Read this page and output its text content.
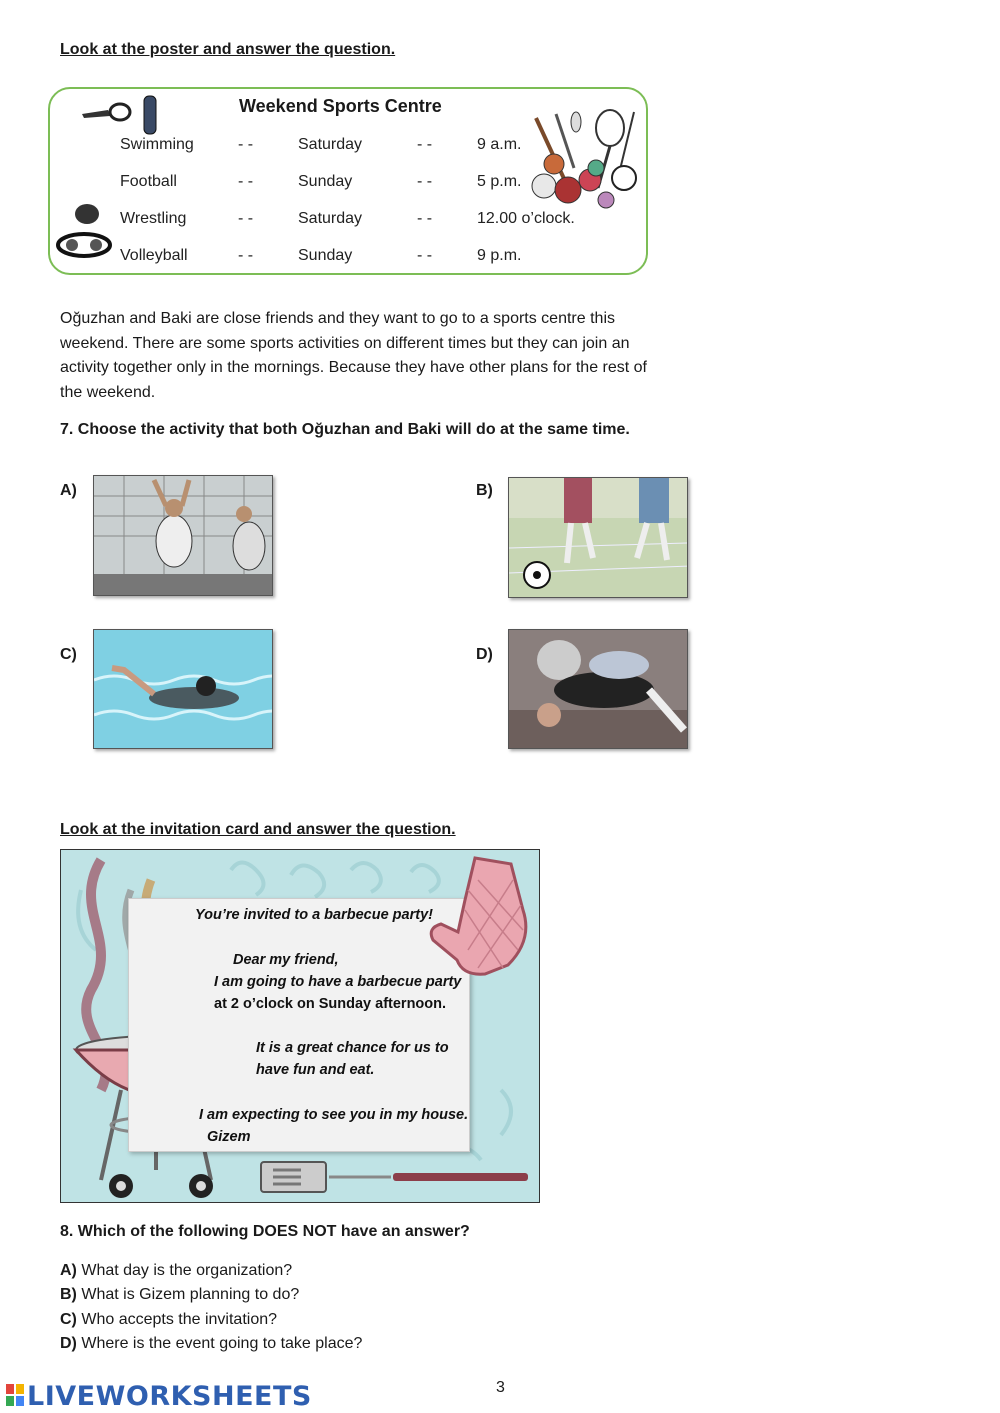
Look at the poster and answer the question.
Weekend Sports Centre
Swimming	- -	Saturday	- -	9 a.m.
Football	- -	Sunday	- -	5 p.m.
Wrestling	- -	Saturday	- -	12.00 o’clock.
Volleyball	- -	Sunday	- -	9 p.m.
Oğuzhan and Baki are close friends and they want to go to a sports centre this weekend. There are some sports activities on different times but they can join an activity together only in the mornings. Because they have other plans for the rest of the weekend.
7. Choose the activity that both Oğuzhan and Baki will do at the same time.
A)	B)
C)	D)
Look at the invitation card and answer the question.
You’re invited to a barbecue party!
Dear my friend,
I am going to have a barbecue party
at 2 o’clock on Sunday afternoon.
It is a great chance for us to
have fun and eat.
I am expecting to see you in my house.
Gizem
8. Which of the following DOES NOT have an answer?
A) What day is the organization?
B) What is Gizem planning to do?
C) Who accepts the invitation?
D) Where is the event going to take place?
LIVEWORKSHEETS	3
